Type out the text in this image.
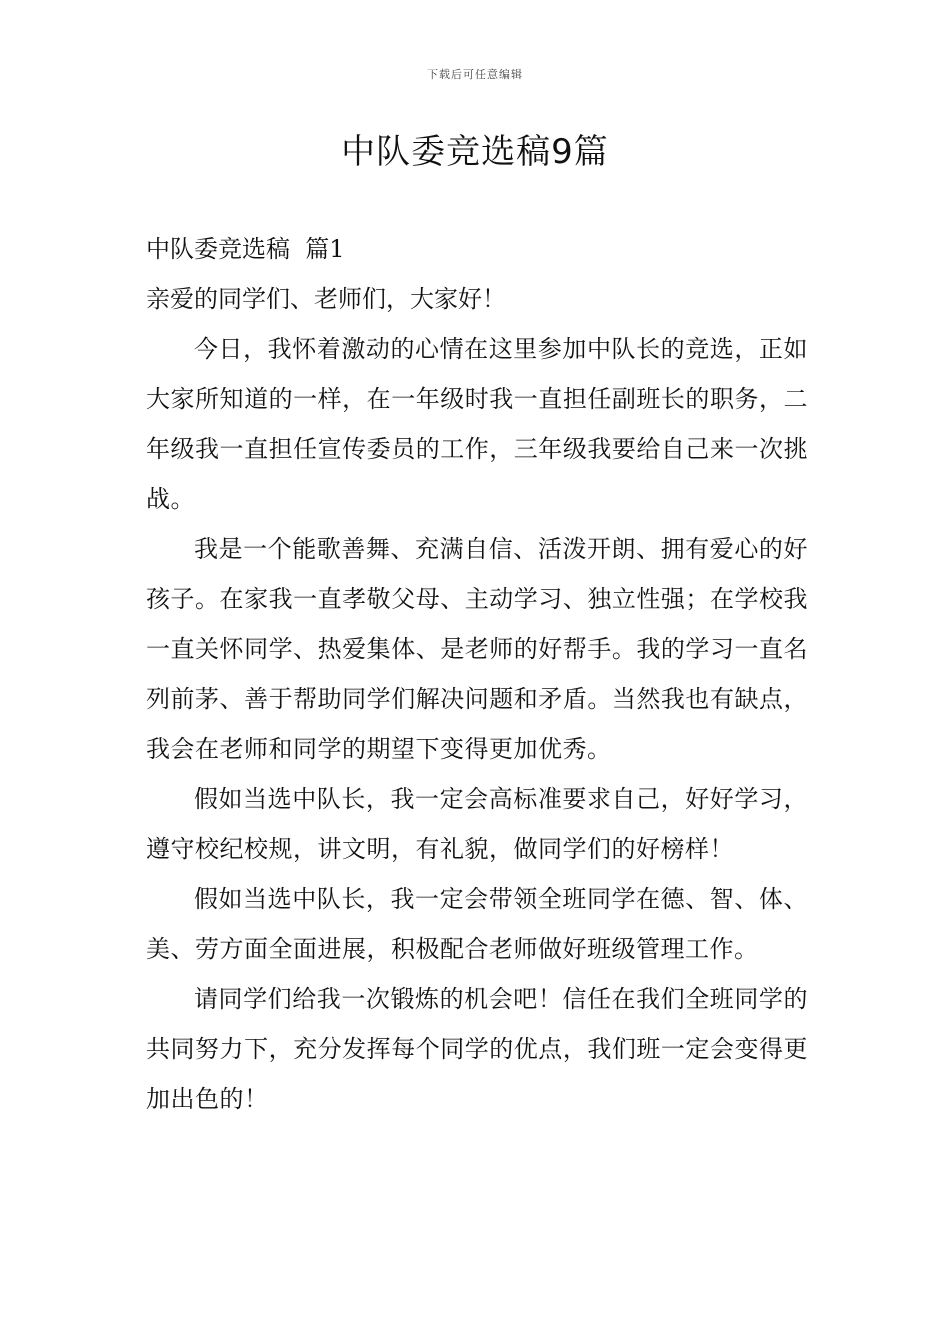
下载后可任意编辑
中队委竞选稿9篇

中队委竞选稿  篇1

亲爱的同学们、老师们，大家好！

今日，我怀着激动的心情在这里参加中队长的竞选，正如大家所知道的一样，在一年级时我一直担任副班长的职务，二年级我一直担任宣传委员的工作，三年级我要给自己来一次挑战。

我是一个能歌善舞、充满自信、活泼开朗、拥有爱心的好孩子。在家我一直孝敬父母、主动学习、独立性强；在学校我一直关怀同学、热爱集体、是老师的好帮手。我的学习一直名列前茅、善于帮助同学们解决问题和矛盾。当然我也有缺点，我会在老师和同学的期望下变得更加优秀。

假如当选中队长，我一定会高标准要求自己，好好学习，遵守校纪校规，讲文明，有礼貌，做同学们的好榜样！

假如当选中队长，我一定会带领全班同学在德、智、体、美、劳方面全面进展，积极配合老师做好班级管理工作。

请同学们给我一次锻炼的机会吧！信任在我们全班同学的共同努力下，充分发挥每个同学的优点，我们班一定会变得更加出色的！
